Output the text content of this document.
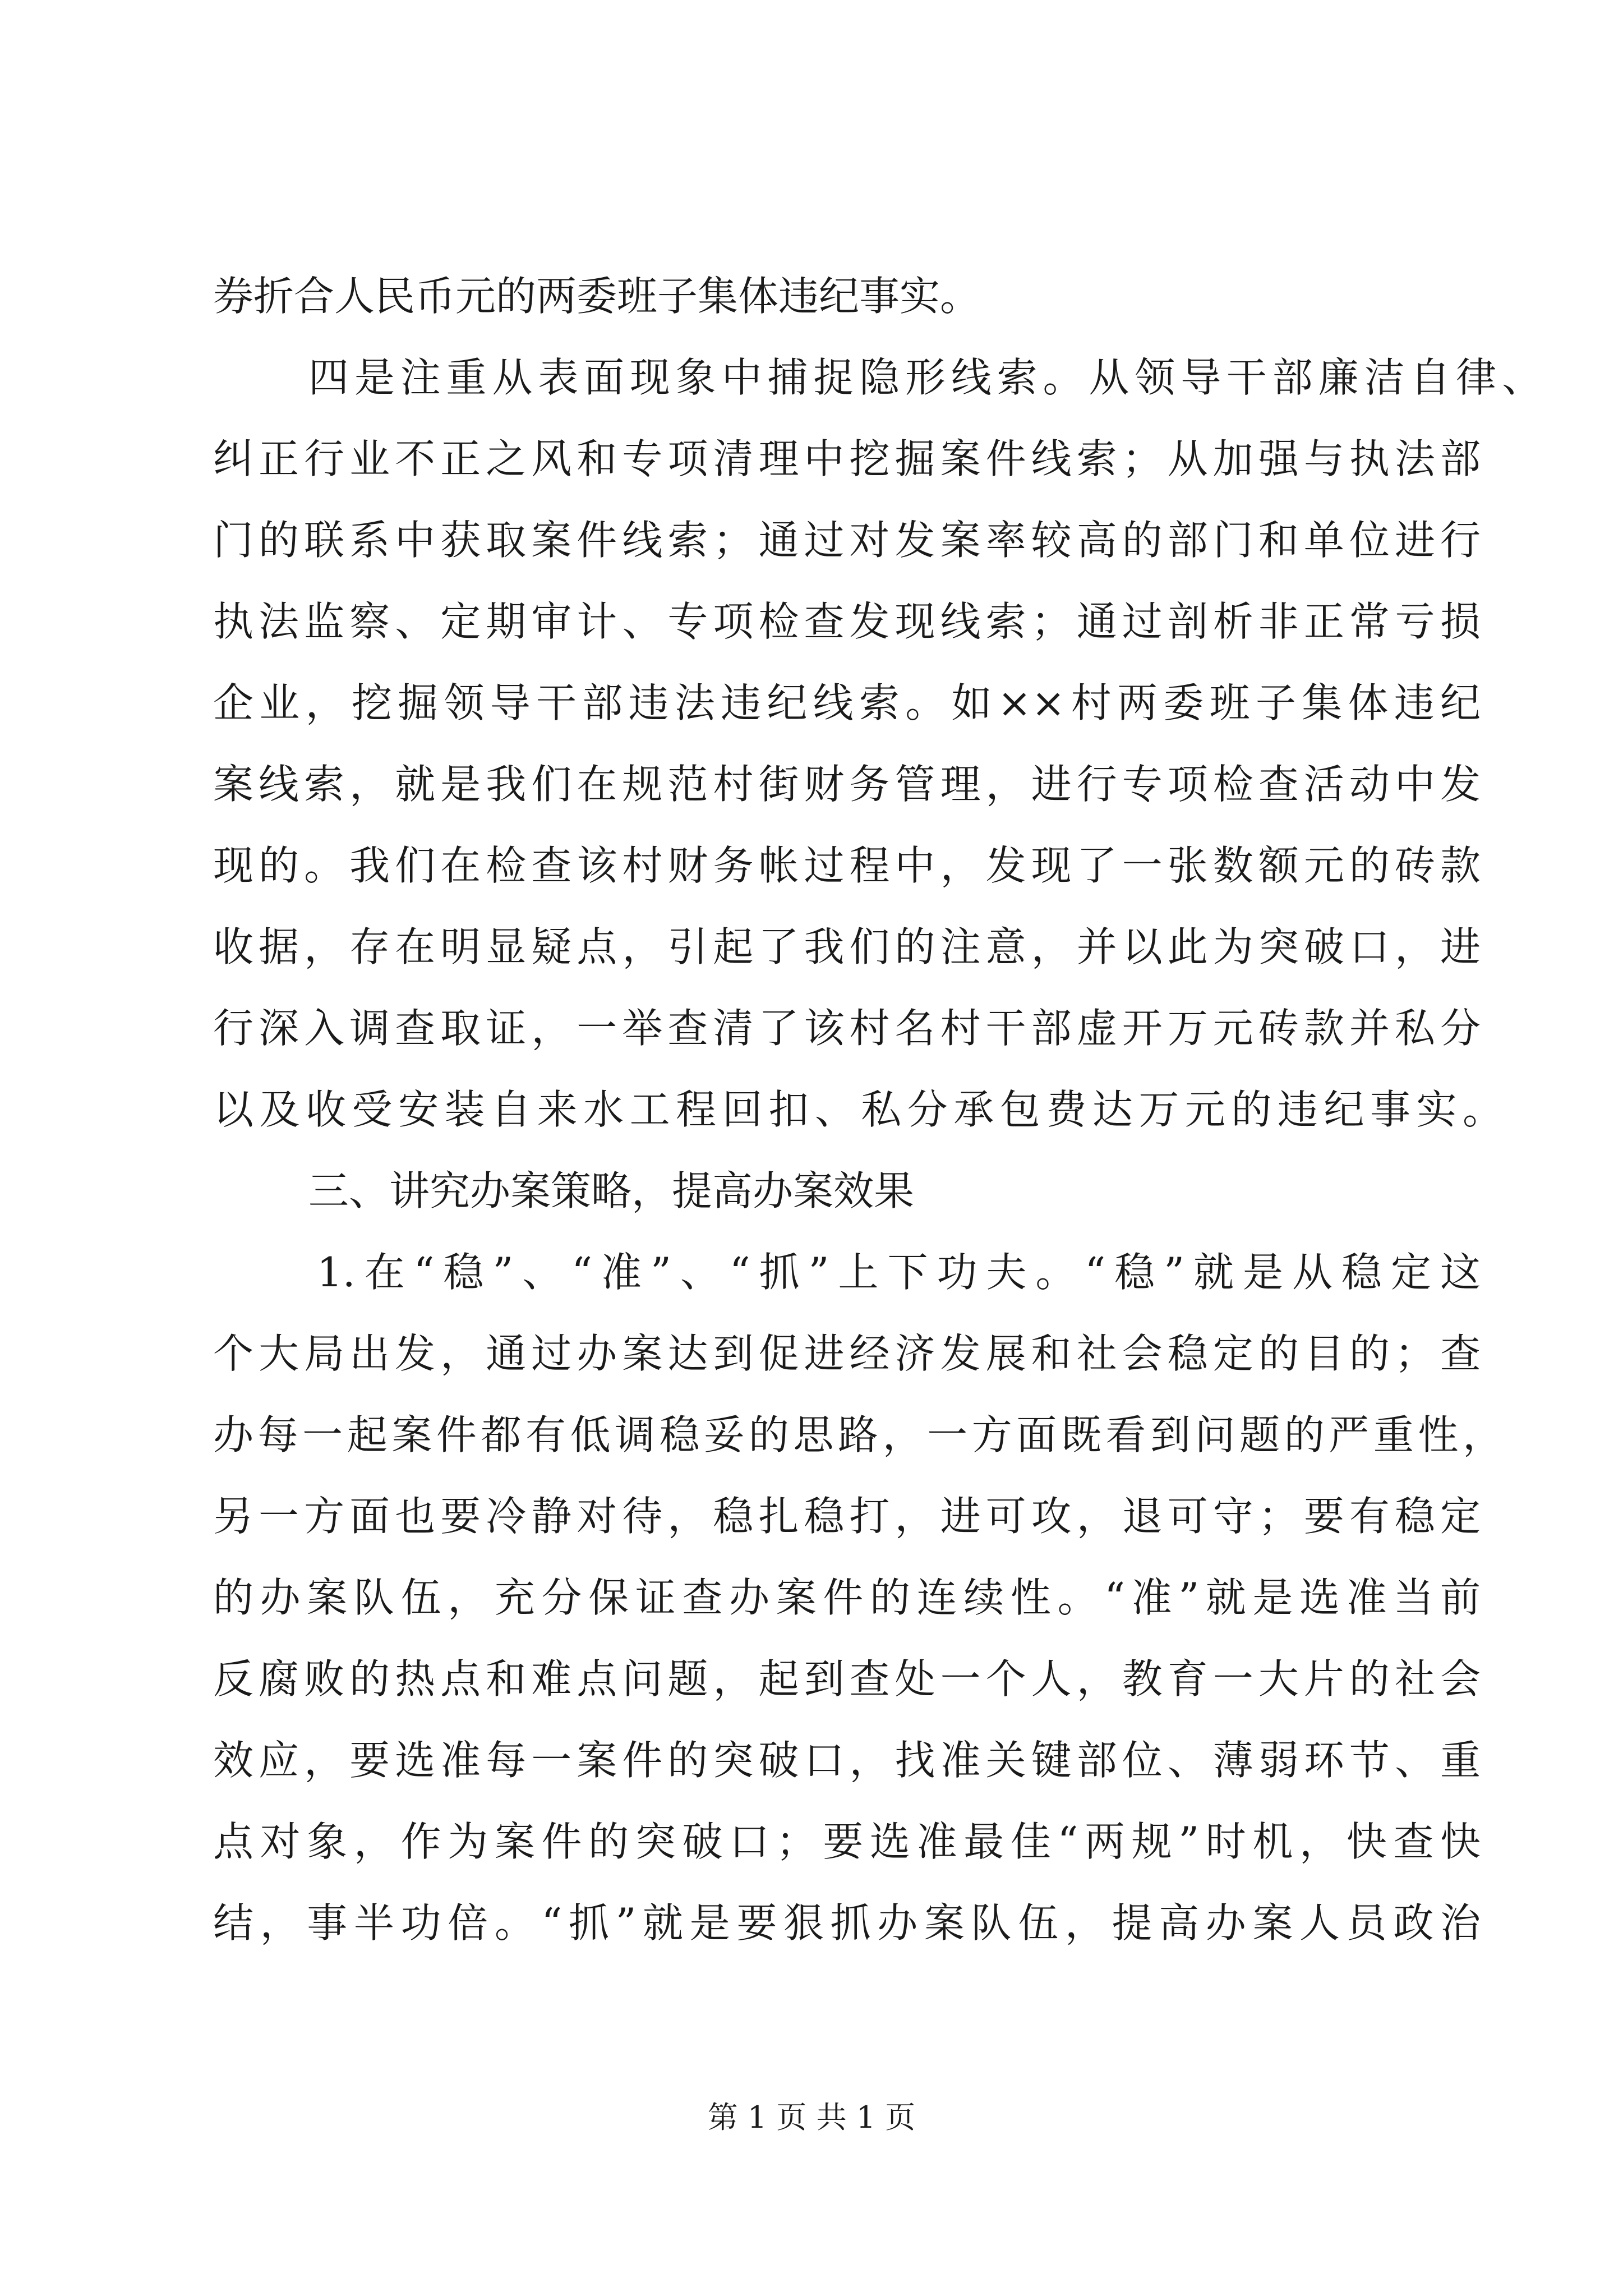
券折合人民币元的两委班子集体违纪事实。
四是注重从表面现象中捕捉隐形线索。从领导干部廉洁自律、
纠正行业不正之风和专项清理中挖掘案件线索；从加强与执法部
门的联系中获取案件线索；通过对发案率较高的部门和单位进行
执法监察、定期审计、专项检查发现线索；通过剖析非正常亏损
企业，挖掘领导干部违法违纪线索。如××村两委班子集体违纪
案线索，就是我们在规范村街财务管理，进行专项检查活动中发
现的。我们在检查该村财务帐过程中，发现了一张数额元的砖款
收据，存在明显疑点，引起了我们的注意，并以此为突破口，进
行深入调查取证，一举查清了该村名村干部虚开万元砖款并私分
以及收受安装自来水工程回扣、私分承包费达万元的违纪事实。
三、讲究办案策略，提高办案效果
1.在“稳”、“准”、“抓”上下功夫。“稳”就是从稳定这
个大局出发，通过办案达到促进经济发展和社会稳定的目的；查
办每一起案件都有低调稳妥的思路，一方面既看到问题的严重性，
另一方面也要冷静对待，稳扎稳打，进可攻，退可守；要有稳定
的办案队伍，充分保证查办案件的连续性。“准”就是选准当前
反腐败的热点和难点问题，起到查处一个人，教育一大片的社会
效应，要选准每一案件的突破口，找准关键部位、薄弱环节、重
点对象，作为案件的突破口；要选准最佳“两规”时机，快查快
结，事半功倍。“抓”就是要狠抓办案队伍，提高办案人员政治
第 1 页 共 1 页
